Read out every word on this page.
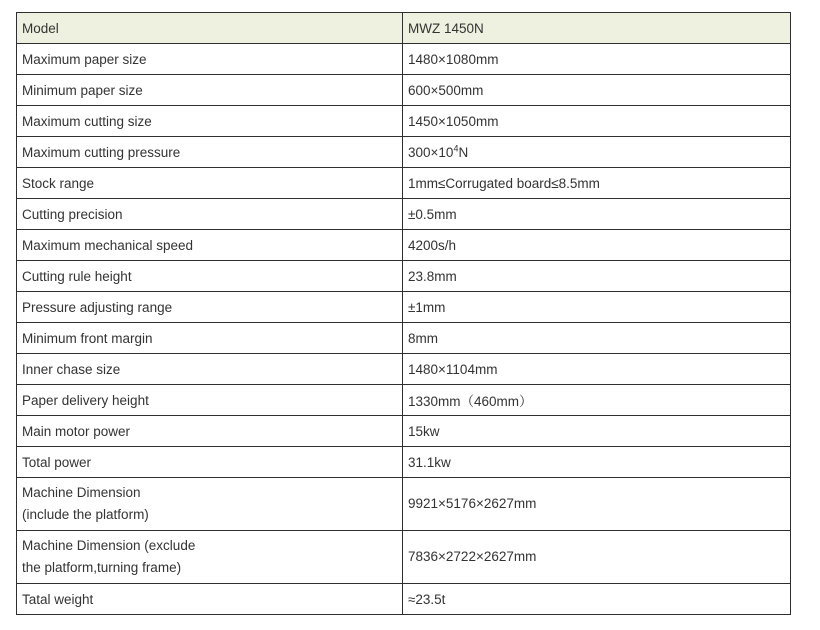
Model	MWZ 1450N
Maximum paper size	1480×1080mm
Minimum paper size	600×500mm
Maximum cutting size	1450×1050mm
Maximum cutting pressure	$300\times 10^4N$
Stock range	1mm≤Corrugated board≤8.5mm
Cutting precision	±0.5mm
Maximum mechanical speed	4200s/h
Cutting rule height	23.8mm
Pressure adjusting range	±1mm
Minimum front margin	8mm
Inner chase size	1480×1104mm
Paper delivery height	1330mm（460mm）
Main motor power	15kw
Total power	31.1kw

Machine Dimension
(include the platform)	9921×5176×2627mm

Machine Dimension (exclude
the platform,turning frame)	7836×2722×2627mm
Tatal weight	≈23.5t
